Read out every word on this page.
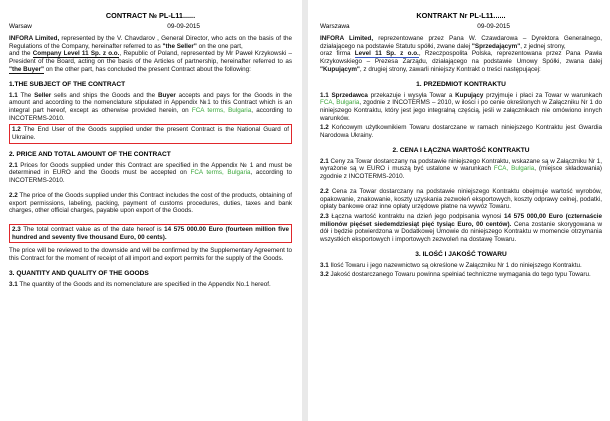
CONTRACT № PL-L11......
Warsaw	09-09-2015

INFORA Limited, represented by the V. Chavdarov , General Director, who acts on the basis of the Regulations of the Company, hereinafter referred to as "the Seller" on the one part,
and the Company Level 11 Sp. z o.o., Republic of Poland, represented by Mr Paweł Krzykowski – President of the Board, acting on the basis of the Articles of partnership, hereinafter referred to as "the Buyer" on the other part, has concluded the present Contract about the following:

1.THE SUBJECT OF THE CONTRACT

1.1 The Seller sells and ships the Goods and the Buyer accepts and pays for the Goods in the amount and according to the nomenclature stipulated in Appendix №1 to this Contract which is an integral part hereof, except as otherwise provided herein, on FCA terms, Bulgaria, according to INCOTERMS-2010.

1.2 The End User of the Goods supplied under the present Contract is the National Guard of Ukraine.

2. PRICE AND TOTAL AMOUNT OF THE CONTRACT

2.1 Prices for Goods supplied under this Contract are specified in the Appendix № 1 and must be determined in EURO and the Goods must be accepted on FCA terms, Bulgaria, according to INCOTERMS-2010.

2.2 The price of the Goods supplied under this Contract includes the cost of the products, obtaining of export permissions, labeling, packing, payment of customs procedures, duties, taxes and bank charges, other official charges, payable upon export of the Goods.

2.3 The total contract value as of the date hereof is 14 575 000.00 Euro (fourteen million five hundred and seventy five thousand Euro, 00 cents).

The price will be reviewed to the downside and will be confirmed by the Supplementary Agreement to this Contract for the moment of receipt of all import and export permits for the supply of the Goods.

3. QUANTITY AND QUALITY OF THE GOODS

3.1 The quantity of the Goods and its nomenclature are specified in the Appendix No.1 hereof.

KONTRAKT Nr PL-L11......
Warszawa	09-09-2015

INFORA Limited, reprezentowane przez Pana W. Czawdarowa – Dyrektora Generalnego, działającego na podstawie Statutu spółki, zwane dalej "Sprzedającym", z jednej strony,
oraz firma Level 11 Sp. z o.o., Rzeczpospolita Polska, reprezentowana przez Pana Pawła Krzykowskiego – Prezesa Zarządu, działającego na podstawie Umowy Spółki, zwana dalej "Kupującym", z drugiej strony, zawarli niniejszy Kontrakt o treści następującej:

1. PRZEDMIOT KONTRAKTU

1.1 Sprzedawca przekazuje i wysyła Towar a Kupujący przyjmuje i płaci za Towar w warunkach FCA, Bulgaria, zgodnie z INCOTERMS – 2010, w ilości i po cenie określonych w Załączniku Nr 1 do niniejszego Kontraktu, który jest jego integralną częścią, jeśli w załącznikach nie omówiono innych warunków.

1.2 Końcowym użytkownikiem Towaru dostarczane w ramach niniejszego Kontraktu jest Gwardia Narodowa Ukrainy.

2. CENA I ŁĄCZNA WARTOŚĆ KONTRAKTU

2.1 Cenу za Towar dostarczany na podstawie niniejszego Kontraktu, wskazane są w Załączniku Nr 1, wyrażone są w EURO i muszą być ustalone w warunkach FCA, Bulgaria, (miejsce składowania) zgodnie z INCOTERMS-2010.

2.2 Cena za Towar dostarczany na podstawie niniejszego Kontraktu obejmuje wartość wyrobów, opakowanie, znakowanie, koszty uzyskania zezwoleń eksportowych, koszty odprawy celnej, podatki, opłaty bankowe oraz inne opłaty urzędowe płatne na wywóz Towaru.

2.3 Łączna wartość kontraktu na dzień jego podpisania wynosi 14 575 000,00 Euro (czternaście milionów pięćset siedemdziesiąt pięć tysiąc Euro, 00 centów). Cena zostanie skorygowana w dół i będzie potwierdzona w Dodatkowej Umowie do niniejszego Kontraktu w momencie otrzymania wszystkich eksportowych i importowych zezwoleń na dostawę Towaru.

3. ILOŚĆ I JAKOŚĆ TOWARU

3.1 Ilość Towaru i jego nazewnictwo są określone w Załączniku Nr 1 do niniejszego Kontraktu.

3.2 Jakość dostarczanego Towaru powinna spełniać techniczne wymagania do tego typu Towaru.
